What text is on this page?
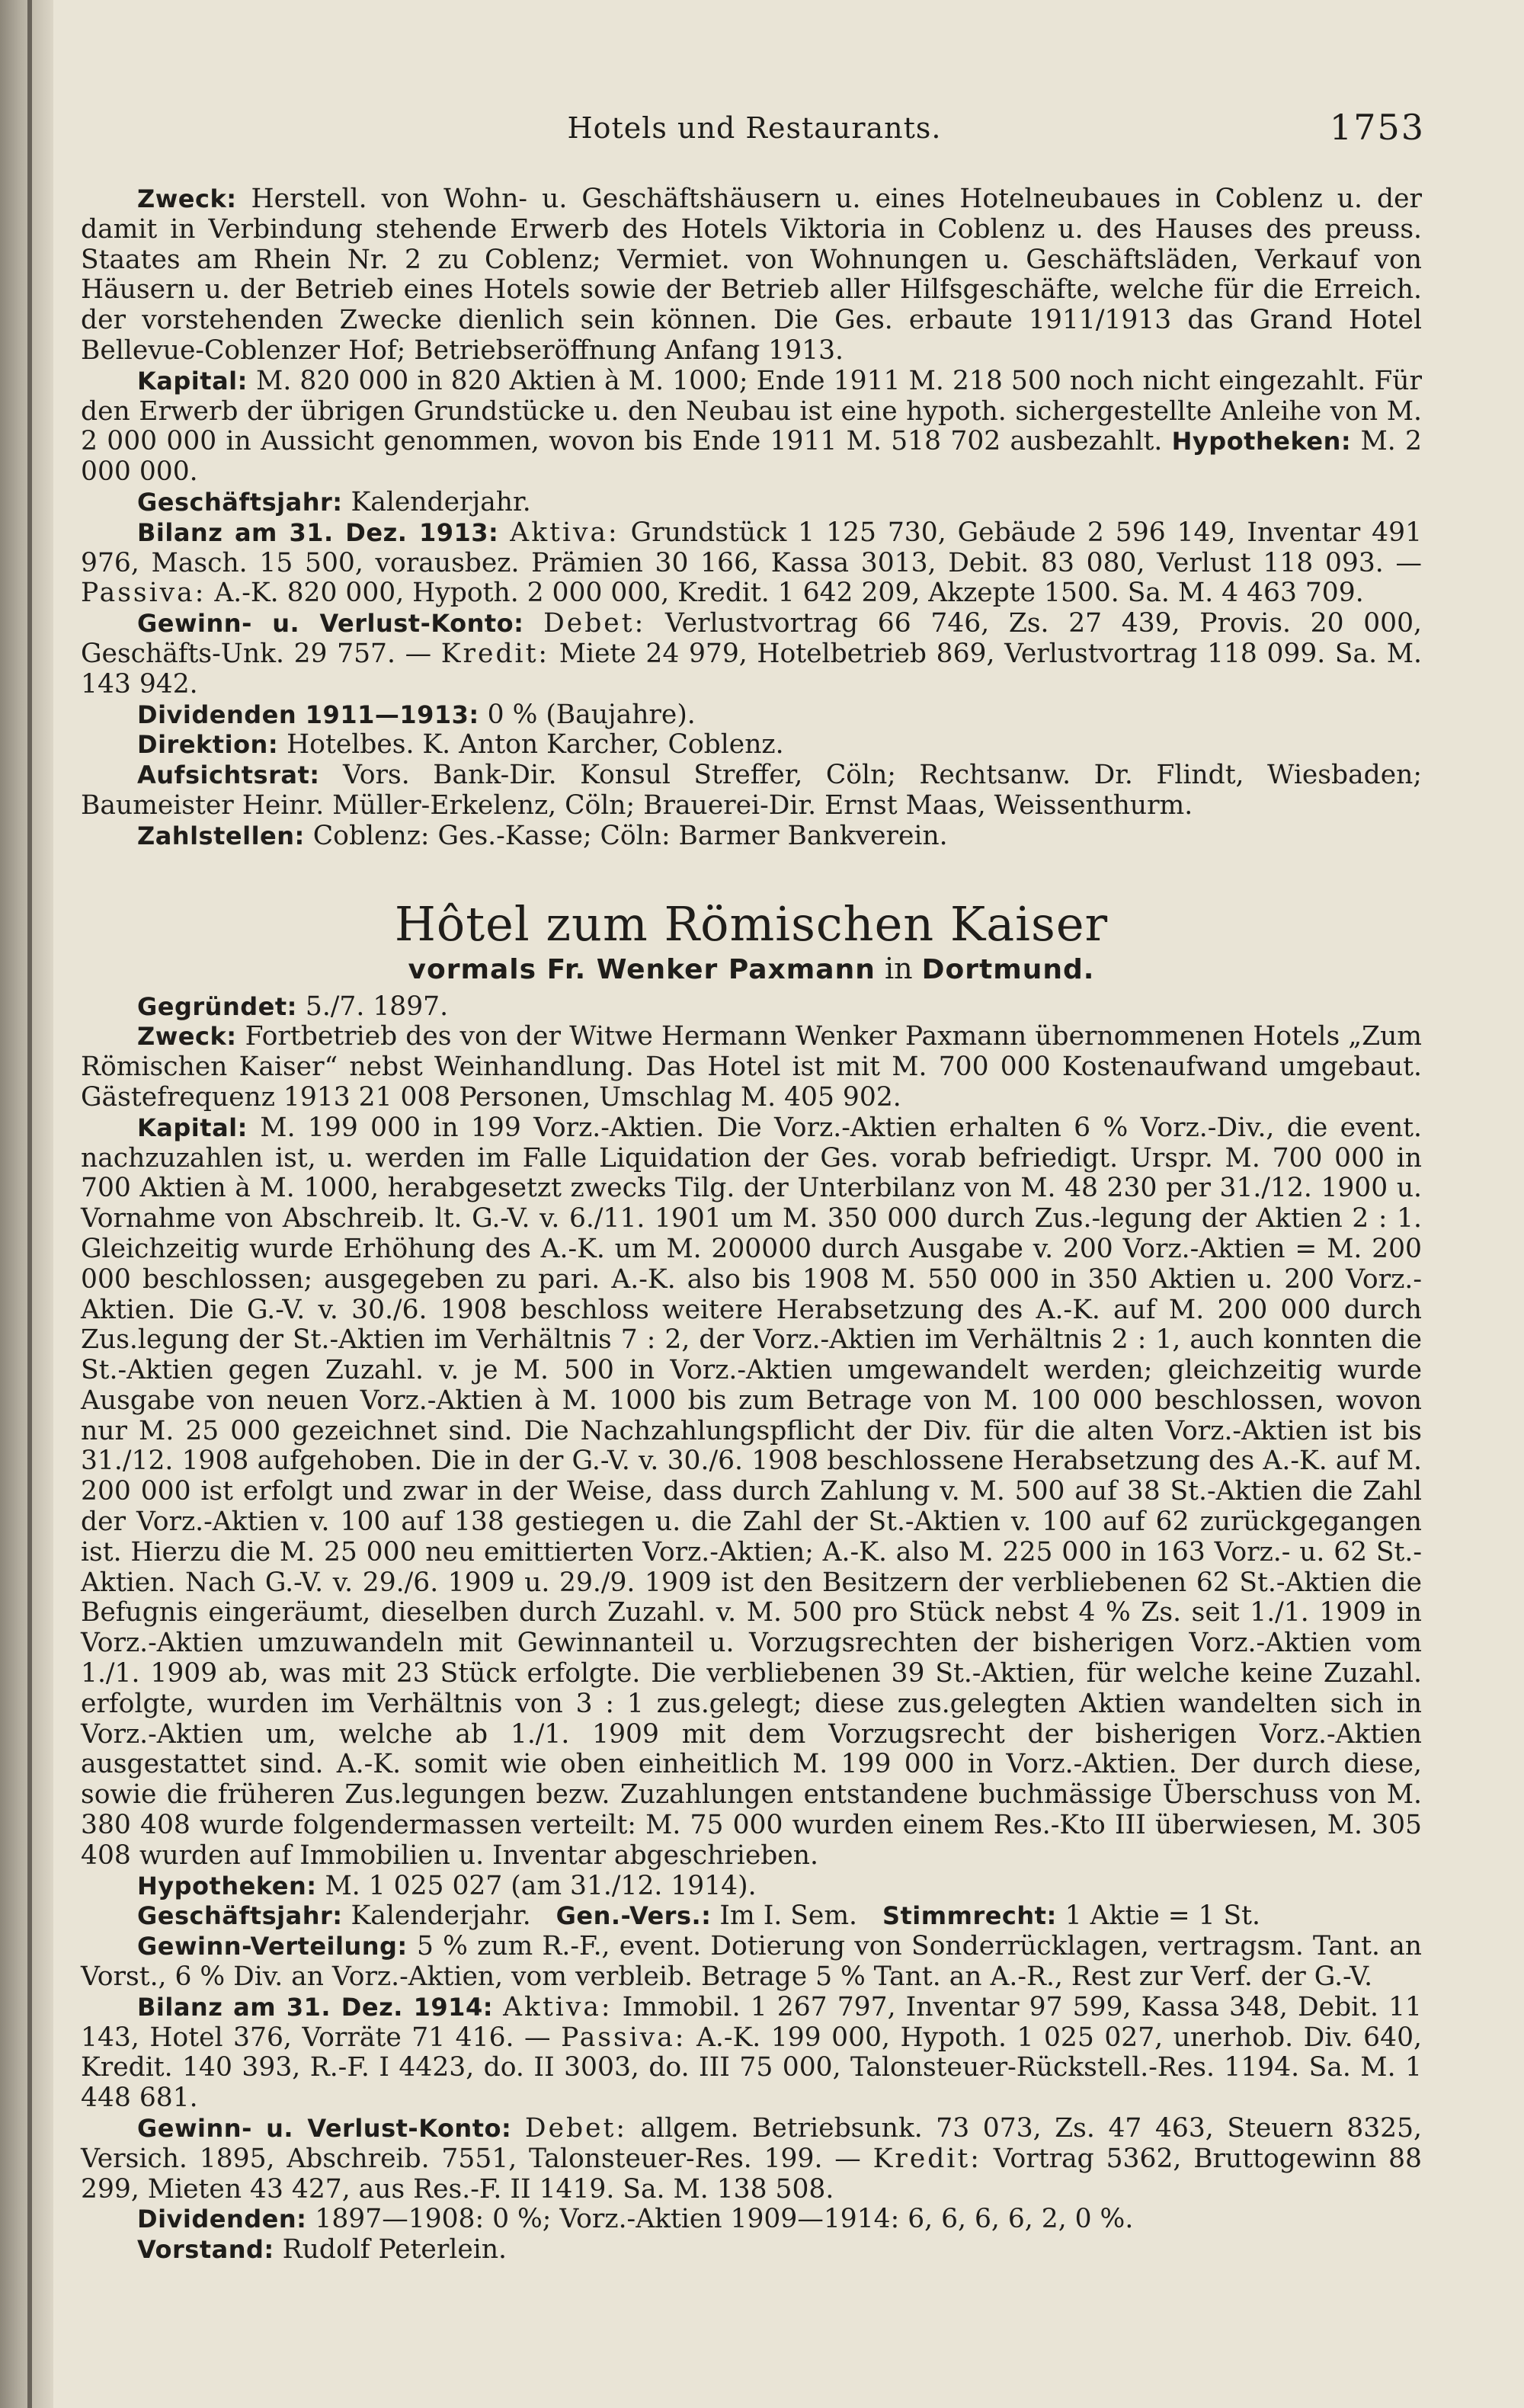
Hotels und Restaurants.	1753

Zweck: Herstell. von Wohn- u. Geschäftshäusern u. eines Hotelneubaues in Coblenz u. der damit in Verbindung stehende Erwerb des Hotels Viktoria in Coblenz u. des Hauses des preuss. Staates am Rhein Nr. 2 zu Coblenz; Vermiet. von Wohnungen u. Geschäftsläden, Verkauf von Häusern u. der Betrieb eines Hotels sowie der Betrieb aller Hilfsgeschäfte, welche für die Erreich. der vorstehenden Zwecke dienlich sein können. Die Ges. erbaute 1911/1913 das Grand Hotel Bellevue-Coblenzer Hof; Betriebseröffnung Anfang 1913.

Kapital: M. 820 000 in 820 Aktien à M. 1000; Ende 1911 M. 218 500 noch nicht eingezahlt. Für den Erwerb der übrigen Grundstücke u. den Neubau ist eine hypoth. sichergestellte Anleihe von M. 2 000 000 in Aussicht genommen, wovon bis Ende 1911 M. 518 702 ausbezahlt. Hypotheken: M. 2 000 000.

Geschäftsjahr: Kalenderjahr.

Bilanz am 31. Dez. 1913: Aktiva: Grundstück 1 125 730, Gebäude 2 596 149, Inventar 491 976, Masch. 15 500, vorausbez. Prämien 30 166, Kassa 3013, Debit. 83 080, Verlust 118 093. — Passiva: A.-K. 820 000, Hypoth. 2 000 000, Kredit. 1 642 209, Akzepte 1500. Sa. M. 4 463 709.

Gewinn- u. Verlust-Konto: Debet: Verlustvortrag 66 746, Zs. 27 439, Provis. 20 000, Geschäfts-Unk. 29 757. — Kredit: Miete 24 979, Hotelbetrieb 869, Verlustvortrag 118 099. Sa. M. 143 942.

Dividenden 1911—1913: 0 % (Baujahre).

Direktion: Hotelbes. K. Anton Karcher, Coblenz.

Aufsichtsrat: Vors. Bank-Dir. Konsul Streffer, Cöln; Rechtsanw. Dr. Flindt, Wiesbaden; Baumeister Heinr. Müller-Erkelenz, Cöln; Brauerei-Dir. Ernst Maas, Weissenthurm.

Zahlstellen: Coblenz: Ges.-Kasse; Cöln: Barmer Bankverein.

Hôtel zum Römischen Kaiser
vormals Fr. Wenker Paxmann in Dortmund.

Gegründet: 5./7. 1897.

Zweck: Fortbetrieb des von der Witwe Hermann Wenker Paxmann übernommenen Hotels „Zum Römischen Kaiser“ nebst Weinhandlung. Das Hotel ist mit M. 700 000 Kostenaufwand umgebaut. Gästefrequenz 1913 21 008 Personen, Umschlag M. 405 902.

Kapital: M. 199 000 in 199 Vorz.-Aktien. Die Vorz.-Aktien erhalten 6 % Vorz.-Div., die event. nachzuzahlen ist, u. werden im Falle Liquidation der Ges. vorab befriedigt. Urspr. M. 700 000 in 700 Aktien à M. 1000, herabgesetzt zwecks Tilg. der Unterbilanz von M. 48 230 per 31./12. 1900 u. Vornahme von Abschreib. lt. G.-V. v. 6./11. 1901 um M. 350 000 durch Zus.-legung der Aktien 2 : 1. Gleichzeitig wurde Erhöhung des A.-K. um M. 200000 durch Ausgabe v. 200 Vorz.-Aktien = M. 200 000 beschlossen; ausgegeben zu pari. A.-K. also bis 1908 M. 550 000 in 350 Aktien u. 200 Vorz.-Aktien. Die G.-V. v. 30./6. 1908 beschloss weitere Herabsetzung des A.-K. auf M. 200 000 durch Zus.legung der St.-Aktien im Verhältnis 7 : 2, der Vorz.-Aktien im Verhältnis 2 : 1, auch konnten die St.-Aktien gegen Zuzahl. v. je M. 500 in Vorz.-Aktien umgewandelt werden; gleichzeitig wurde Ausgabe von neuen Vorz.-Aktien à M. 1000 bis zum Betrage von M. 100 000 beschlossen, wovon nur M. 25 000 gezeichnet sind. Die Nachzahlungspflicht der Div. für die alten Vorz.-Aktien ist bis 31./12. 1908 aufgehoben. Die in der G.-V. v. 30./6. 1908 beschlossene Herabsetzung des A.-K. auf M. 200 000 ist erfolgt und zwar in der Weise, dass durch Zahlung v. M. 500 auf 38 St.-Aktien die Zahl der Vorz.-Aktien v. 100 auf 138 gestiegen u. die Zahl der St.-Aktien v. 100 auf 62 zurückgegangen ist. Hierzu die M. 25 000 neu emittierten Vorz.-Aktien; A.-K. also M. 225 000 in 163 Vorz.- u. 62 St.-Aktien. Nach G.-V. v. 29./6. 1909 u. 29./9. 1909 ist den Besitzern der verbliebenen 62 St.-Aktien die Befugnis eingeräumt, dieselben durch Zuzahl. v. M. 500 pro Stück nebst 4 % Zs. seit 1./1. 1909 in Vorz.-Aktien umzuwandeln mit Gewinnanteil u. Vorzugsrechten der bisherigen Vorz.-Aktien vom 1./1. 1909 ab, was mit 23 Stück erfolgte. Die verbliebenen 39 St.-Aktien, für welche keine Zuzahl. erfolgte, wurden im Verhältnis von 3 : 1 zus.gelegt; diese zus.gelegten Aktien wandelten sich in Vorz.-Aktien um, welche ab 1./1. 1909 mit dem Vorzugsrecht der bisherigen Vorz.-Aktien ausgestattet sind. A.-K. somit wie oben einheitlich M. 199 000 in Vorz.-Aktien. Der durch diese, sowie die früheren Zus.legungen bezw. Zuzahlungen entstandene buchmässige Überschuss von M. 380 408 wurde folgendermassen verteilt: M. 75 000 wurden einem Res.-Kto III überwiesen, M. 305 408 wurden auf Immobilien u. Inventar abgeschrieben.

Hypotheken: M. 1 025 027 (am 31./12. 1914).

Geschäftsjahr: Kalenderjahr. Gen.-Vers.: Im I. Sem. Stimmrecht: 1 Aktie = 1 St.

Gewinn-Verteilung: 5 % zum R.-F., event. Dotierung von Sonderrücklagen, vertragsm. Tant. an Vorst., 6 % Div. an Vorz.-Aktien, vom verbleib. Betrage 5 % Tant. an A.-R., Rest zur Verf. der G.-V.

Bilanz am 31. Dez. 1914: Aktiva: Immobil. 1 267 797, Inventar 97 599, Kassa 348, Debit. 11 143, Hotel 376, Vorräte 71 416. — Passiva: A.-K. 199 000, Hypoth. 1 025 027, unerhob. Div. 640, Kredit. 140 393, R.-F. I 4423, do. II 3003, do. III 75 000, Talonsteuer-Rückstell.-Res. 1194. Sa. M. 1 448 681.

Gewinn- u. Verlust-Konto: Debet: allgem. Betriebsunk. 73 073, Zs. 47 463, Steuern 8325, Versich. 1895, Abschreib. 7551, Talonsteuer-Res. 199. — Kredit: Vortrag 5362, Bruttogewinn 88 299, Mieten 43 427, aus Res.-F. II 1419. Sa. M. 138 508.

Dividenden: 1897—1908: 0 %; Vorz.-Aktien 1909—1914: 6, 6, 6, 6, 2, 0 %.

Vorstand: Rudolf Peterlein.
